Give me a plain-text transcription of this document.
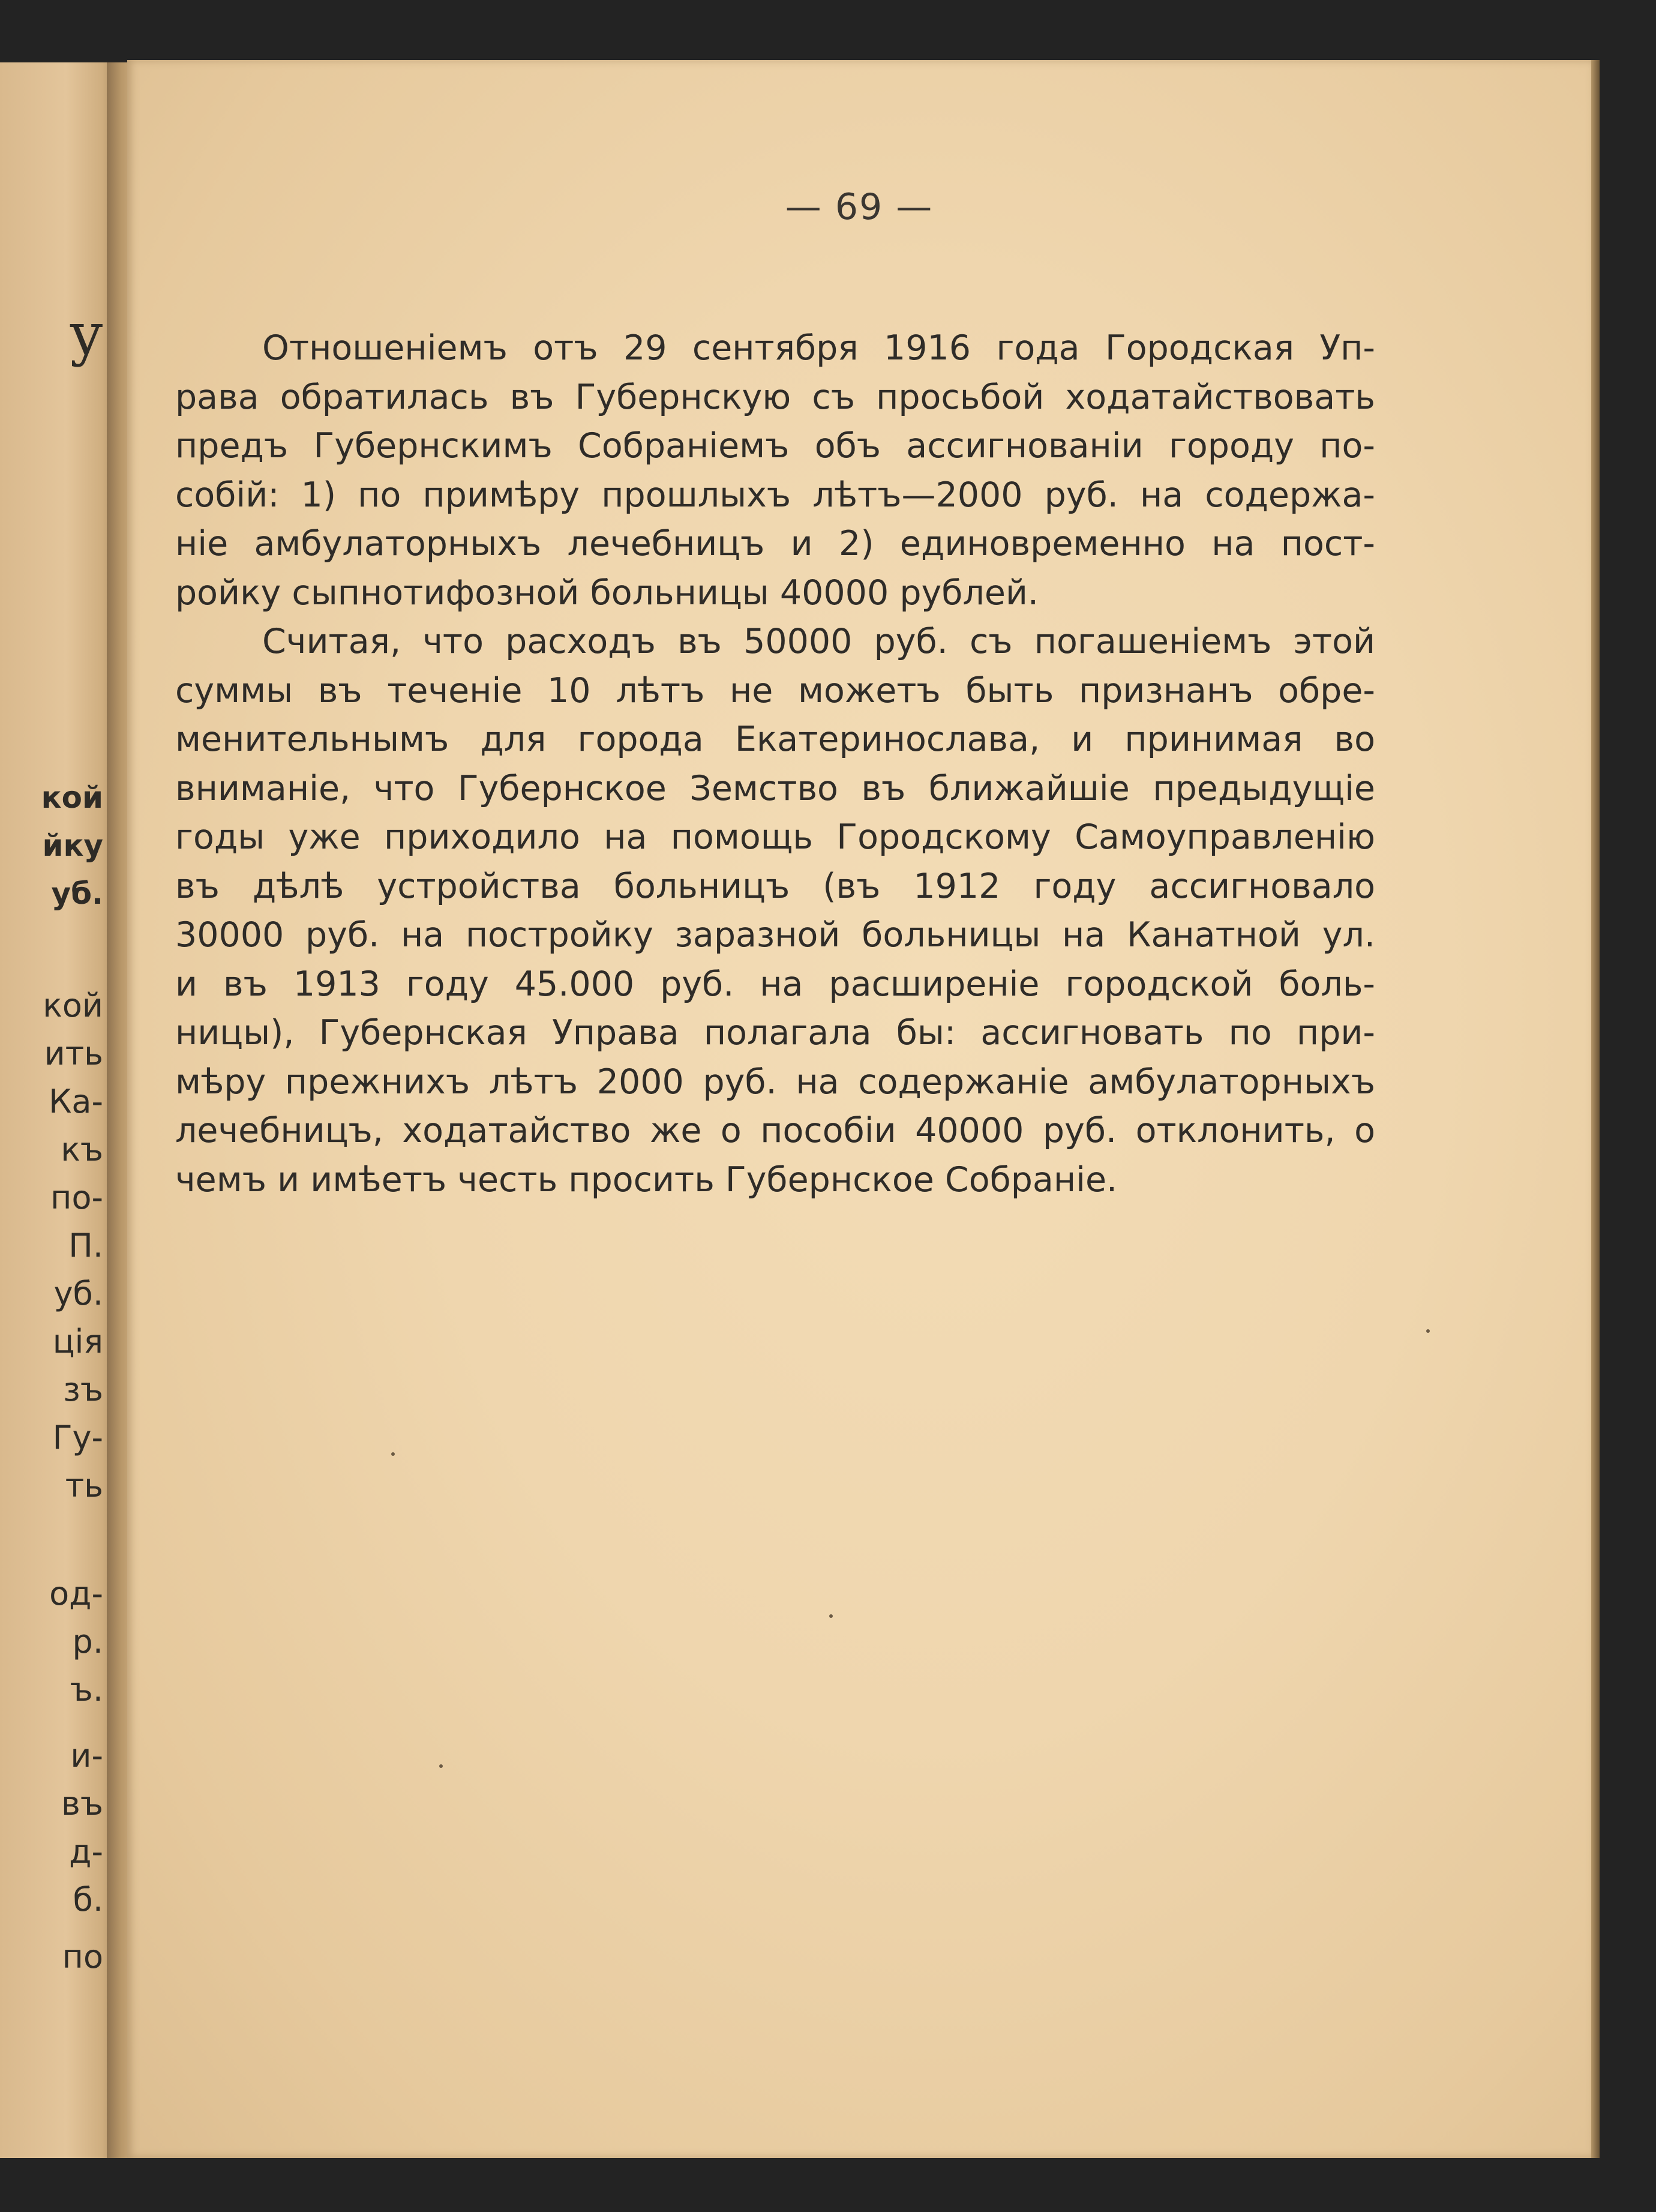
у
кой
йку
уб.
кой
ить
Ка-
къ
по-
П.
уб.
ція
зъ
Гу-
ть
од-
р.
ъ.
и-
въ
д-
б.
по
— 69 —

Отношеніемъ отъ 29 сентября 1916 года Городская Уп-
рава обратилась въ Губернскую съ просьбой ходатайствовать
предъ Губернскимъ Собраніемъ объ ассигнованіи городу по-
собій: 1) по примѣру прошлыхъ лѣтъ—2000 руб. на содержа-
ніе амбулаторныхъ лечебницъ и 2) единовременно на пост-
ройку сыпнотифозной больницы 40000 рублей.

Считая, что расходъ въ 50000 руб. съ погашеніемъ этой
суммы въ теченіе 10 лѣтъ не можетъ быть признанъ обре-
менительнымъ для города Екатеринослава, и принимая во
вниманіе, что Губернское Земство въ ближайшіе предыдущіе
годы уже приходило на помощь Городскому Самоуправленію
въ дѣлѣ устройства больницъ (въ 1912 году ассигновало
30000 руб. на постройку заразной больницы на Канатной ул.
и въ 1913 году 45.000 руб. на расширеніе городской боль-
ницы), Губернская Управа полагала бы: ассигновать по при-
мѣру прежнихъ лѣтъ 2000 руб. на содержаніе амбулаторныхъ
лечебницъ, ходатайство же о пособіи 40000 руб. отклонить, о
чемъ и имѣетъ честь просить Губернское Собраніе.
